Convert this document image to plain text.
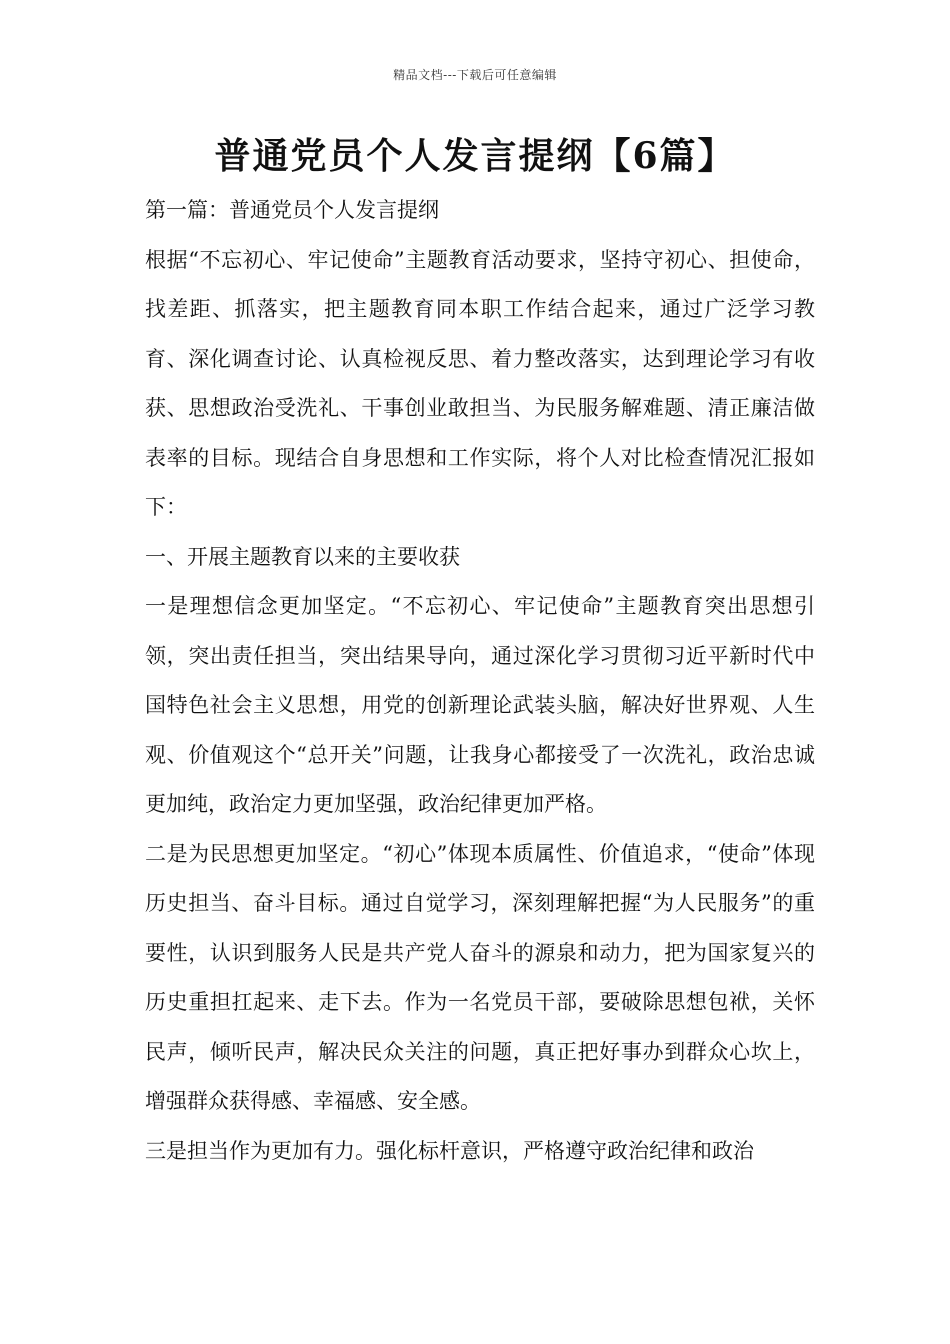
精品文档---下载后可任意编辑
普通党员个人发言提纲【6篇】

第一篇：普通党员个人发言提纲

根据“不忘初心、牢记使命”主题教育活动要求，坚持守初心、担使命，找差距、抓落实，把主题教育同本职工作结合起来，通过广泛学习教育、深化调查讨论、认真检视反思、着力整改落实，达到理论学习有收获、思想政治受洗礼、干事创业敢担当、为民服务解难题、清正廉洁做表率的目标。现结合自身思想和工作实际，将个人对比检查情况汇报如下：

一、开展主题教育以来的主要收获

一是理想信念更加坚定。“不忘初心、牢记使命”主题教育突出思想引领，突出责任担当，突出结果导向，通过深化学习贯彻习近平新时代中国特色社会主义思想，用党的创新理论武装头脑，解决好世界观、人生观、价值观这个“总开关”问题，让我身心都接受了一次洗礼，政治忠诚更加纯，政治定力更加坚强，政治纪律更加严格。

二是为民思想更加坚定。“初心”体现本质属性、价值追求，“使命”体现历史担当、奋斗目标。通过自觉学习，深刻理解把握“为人民服务”的重要性，认识到服务人民是共产党人奋斗的源泉和动力，把为国家复兴的历史重担扛起来、走下去。作为一名党员干部，要破除思想包袱，关怀民声，倾听民声，解决民众关注的问题，真正把好事办到群众心坎上，增强群众获得感、幸福感、安全感。

三是担当作为更加有力。强化标杆意识，严格遵守政治纪律和政治
